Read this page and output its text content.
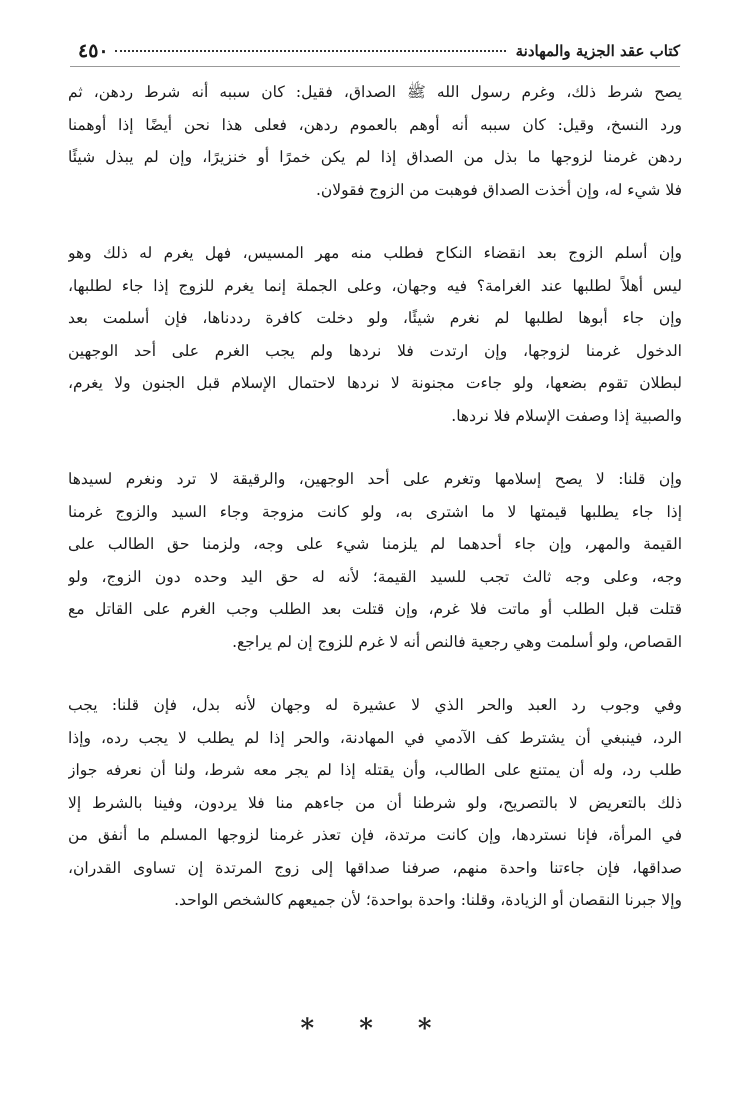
٤٥٠	كتاب عقد الجزية والمهادنة

يصح شرط ذلك، وغرم رسول الله ﷺ الصداق، فقيل: كان سببه أنه شرط ردهن، ثم
ورد النسخ، وقيل: كان سببه أنه أوهم بالعموم ردهن، فعلى هذا نحن أيضًا إذا أوهمنا
ردهن غرمنا لزوجها ما بذل من الصداق إذا لم يكن خمرًا أو خنزيرًا، وإن لم يبذل شيئًا
فلا شيء له، وإن أخذت الصداق فوهبت من الزوج فقولان.

وإن أسلم الزوج بعد انقضاء النكاح فطلب منه مهر المسيس، فهل يغرم له ذلك وهو
ليس أهلاً لطلبها عند الغرامة؟ فيه وجهان، وعلى الجملة إنما يغرم للزوج إذا جاء لطلبها،
وإن جاء أبوها لطلبها لم نغرم شيئًا، ولو دخلت كافرة رددناها، فإن أسلمت بعد
الدخول غرمنا لزوجها، وإن ارتدت فلا نردها ولم يجب الغرم على أحد الوجهين
لبطلان تقوم بضعها، ولو جاءت مجنونة لا نردها لاحتمال الإسلام قبل الجنون ولا يغرم،
والصبية إذا وصفت الإسلام فلا نردها.

وإن قلنا: لا يصح إسلامها وتغرم على أحد الوجهين، والرقيقة لا ترد ونغرم لسيدها
إذا جاء يطلبها قيمتها لا ما اشترى به، ولو كانت مزوجة وجاء السيد والزوج غرمنا
القيمة والمهر، وإن جاء أحدهما لم يلزمنا شيء على وجه، ولزمنا حق الطالب على
وجه، وعلى وجه ثالث تجب للسيد القيمة؛ لأنه له حق اليد وحده دون الزوج، ولو
قتلت قبل الطلب أو ماتت فلا غرم، وإن قتلت بعد الطلب وجب الغرم على القاتل مع
القصاص، ولو أسلمت وهي رجعية فالنص أنه لا غرم للزوج إن لم يراجع.

وفي وجوب رد العبد والحر الذي لا عشيرة له وجهان لأنه بدل، فإن قلنا: يجب
الرد، فينبغي أن يشترط كف الآدمي في المهادنة، والحر إذا لم يطلب لا يجب رده، وإذا
طلب رد، وله أن يمتنع على الطالب، وأن يقتله إذا لم يجر معه شرط، ولنا أن نعرفه جواز
ذلك بالتعريض لا بالتصريح، ولو شرطنا أن من جاءهم منا فلا يردون، وفينا بالشرط إلا
في المرأة، فإنا نستردها، وإن كانت مرتدة، فإن تعذر غرمنا لزوجها المسلم ما أنفق من
صداقها، فإن جاءتنا واحدة منهم، صرفنا صداقها إلى زوج المرتدة إن تساوى القدران،
وإلا جبرنا النقصان أو الزيادة، وقلنا: واحدة بواحدة؛ لأن جميعهم كالشخص الواحد.

* * *
